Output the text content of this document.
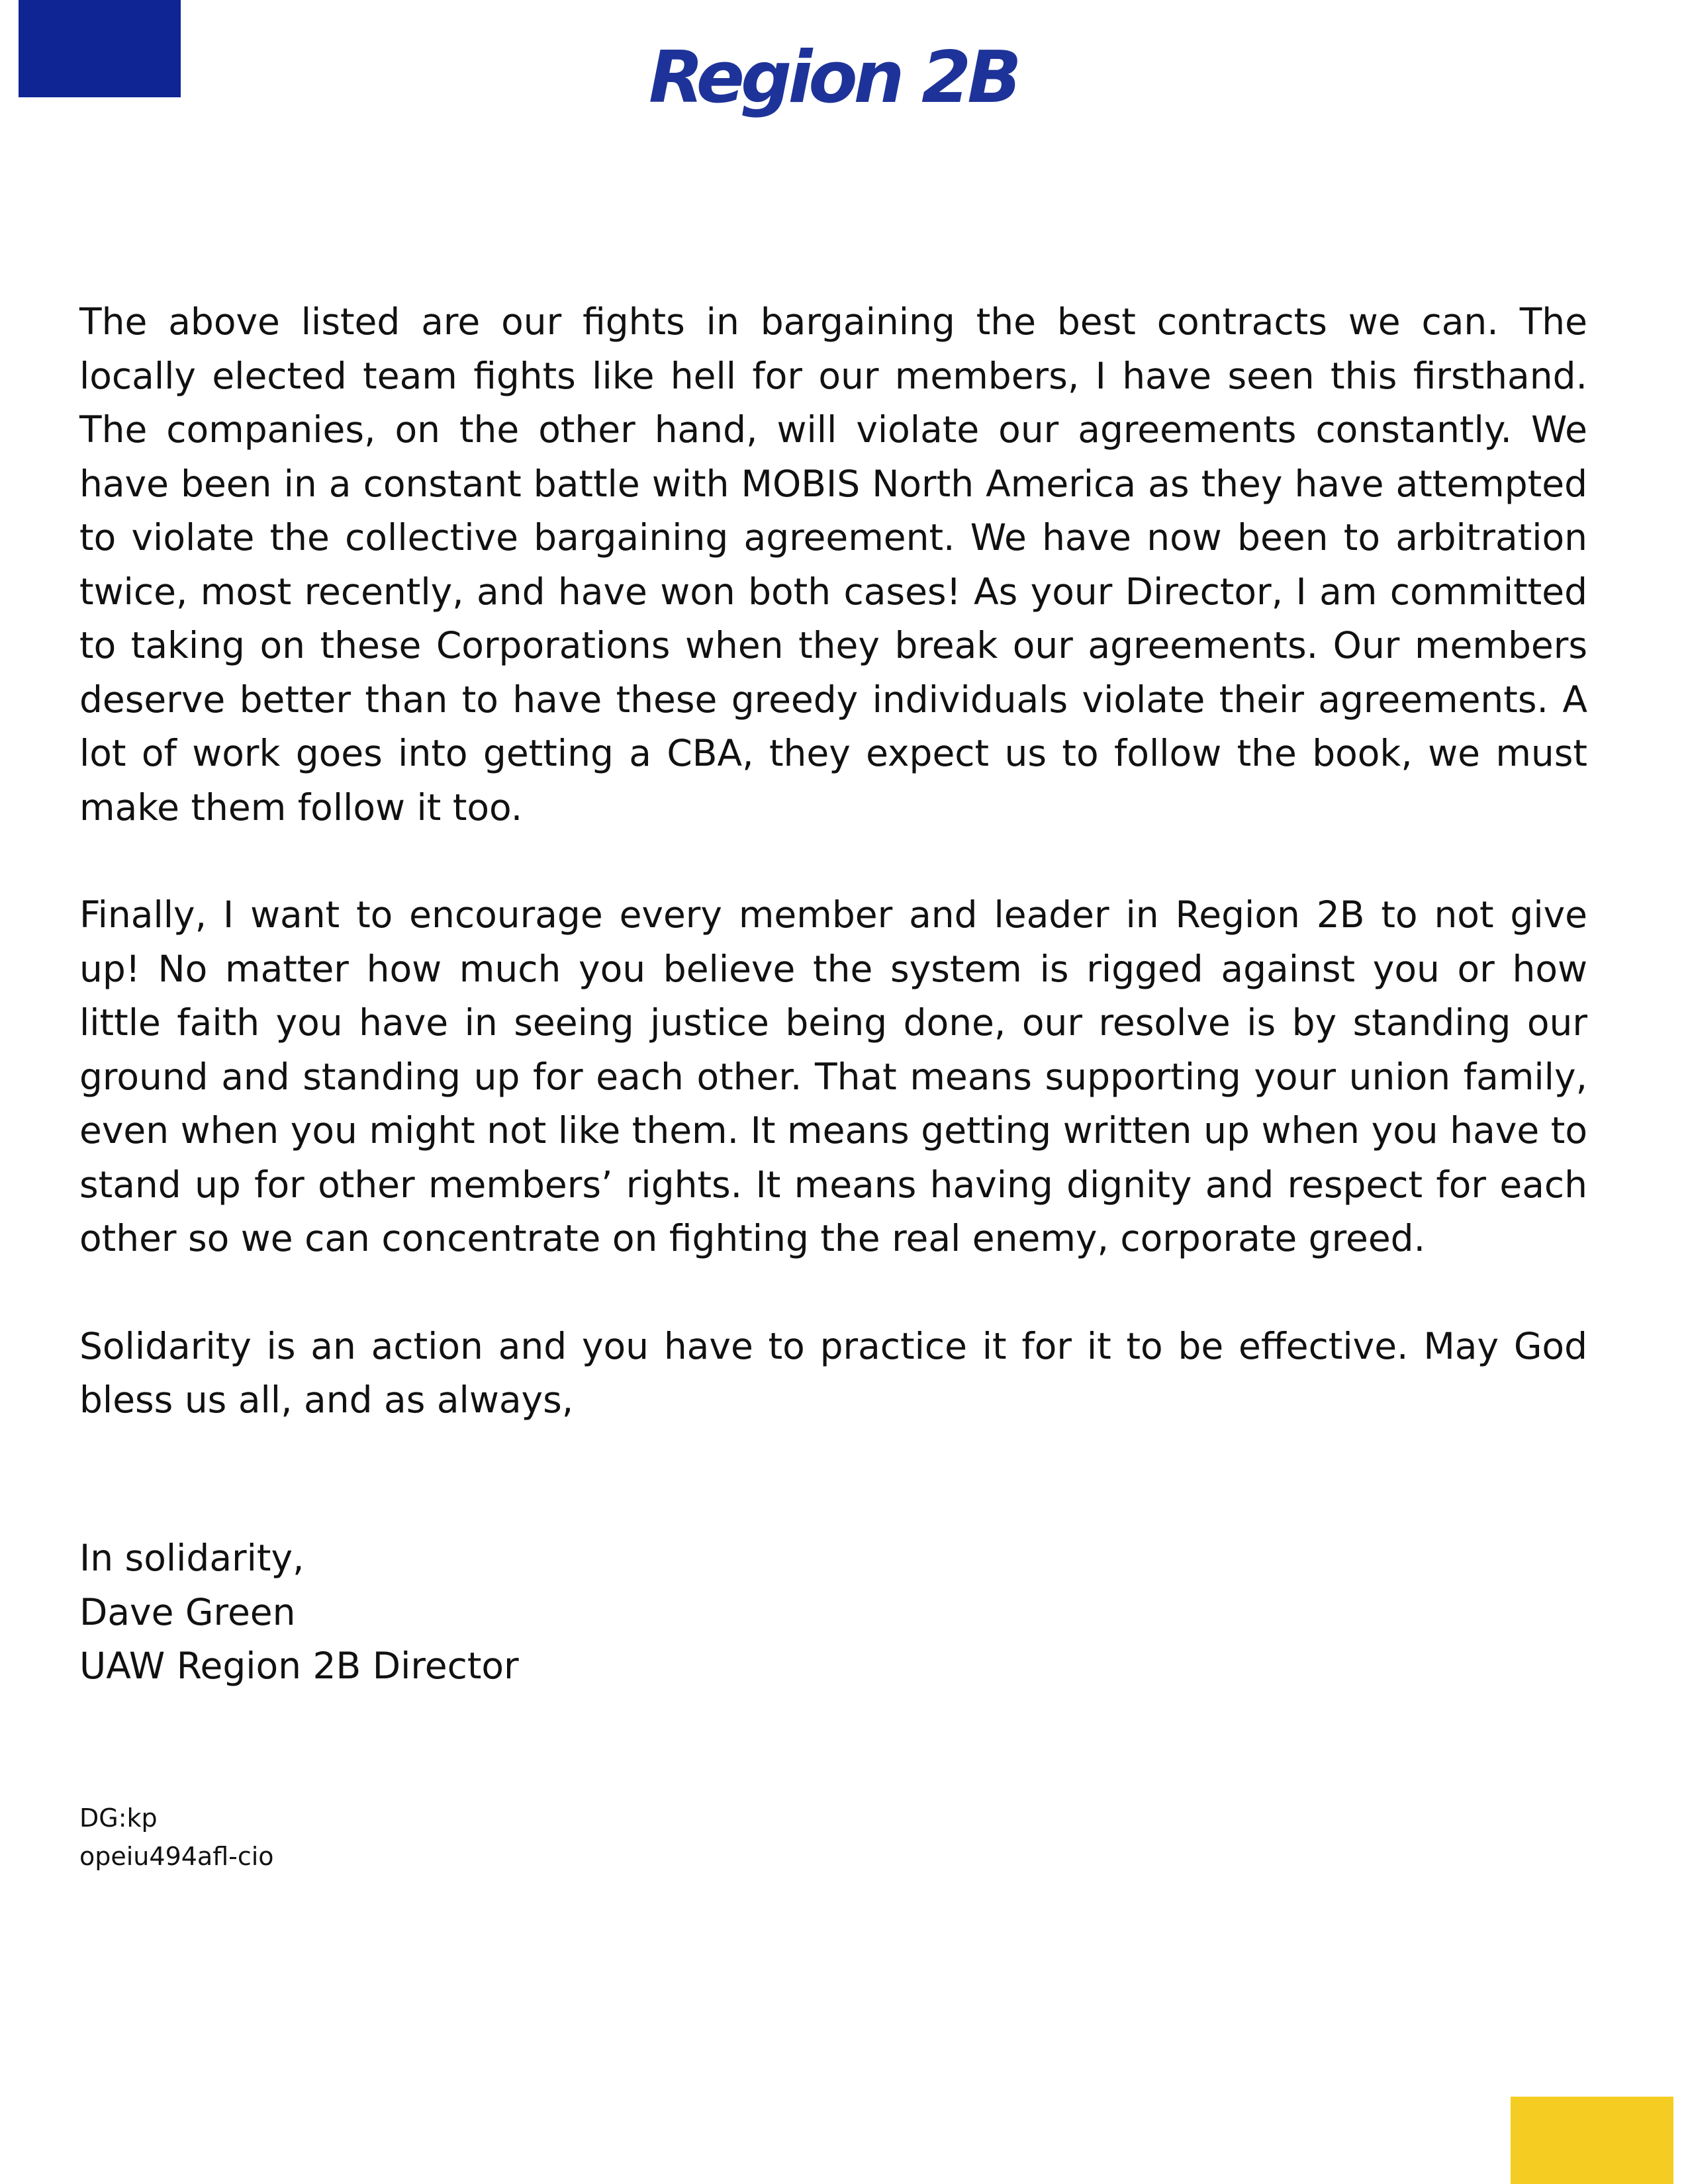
Region 2B

The above listed are our fights in bargaining the best contracts we can. The locally elected team fights like hell for our members, I have seen this firsthand. The companies, on the other hand, will violate our agreements constantly. We have been in a constant battle with MOBIS North America as they have attempted to violate the collective bargaining agreement. We have now been to arbitration twice, most recently, and have won both cases! As your Director, I am committed to taking on these Corporations when they break our agreements. Our members deserve better than to have these greedy individuals violate their agreements. A lot of work goes into getting a CBA, they expect us to follow the book, we must make them follow it too.

Finally, I want to encourage every member and leader in Region 2B to not give up! No matter how much you believe the system is rigged against you or how little faith you have in seeing justice being done, our resolve is by standing our ground and standing up for each other. That means supporting your union family, even when you might not like them. It means getting written up when you have to stand up for other members’ rights. It means having dignity and respect for each other so we can concentrate on fighting the real enemy, corporate greed.

Solidarity is an action and you have to practice it for it to be effective. May God bless us all, and as always,

In solidarity,
Dave Green
UAW Region 2B Director
DG:kp
opeiu494afl-cio
